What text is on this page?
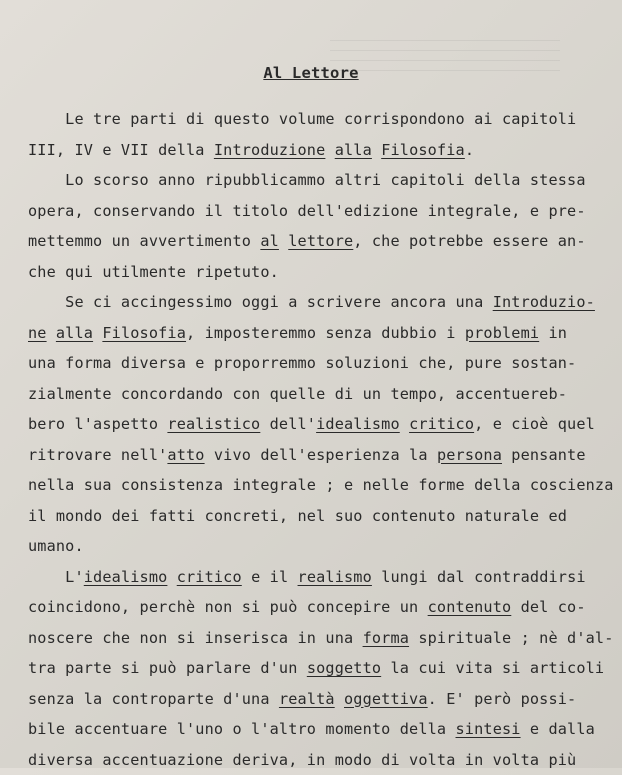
Al Lettore
Le tre parti di questo volume corrispondono ai capitoli
III, IV e VII della Introduzione alla Filosofia.
Lo scorso anno ripubblicammo altri capitoli della stessa
opera, conservando il titolo dell'edizione integrale, e pre-
mettemmo un avvertimento al lettore, che potrebbe essere an-
che qui utilmente ripetuto.
Se ci accingessimo oggi a scrivere ancora una Introduzio-
ne alla Filosofia, imposteremmo senza dubbio i problemi in
una forma diversa e proporremmo soluzioni che, pure sostan-
zialmente concordando con quelle di un tempo, accentuereb-
bero l'aspetto realistico dell'idealismo critico, e cioè quel
ritrovare nell'atto vivo dell'esperienza la persona pensante
nella sua consistenza integrale ; e nelle forme della coscienza
il mondo dei fatti concreti, nel suo contenuto naturale ed
umano.
L'idealismo critico e il realismo lungi dal contraddirsi
coincidono, perchè non si può concepire un contenuto del co-
noscere che non si inserisca in una forma spirituale ; nè d'al-
tra parte si può parlare d'un soggetto la cui vita si articoli
senza la controparte d'una realtà oggettiva. E' però possi-
bile accentuare l'uno o l'altro momento della sintesi e dalla
diversa accentuazione deriva, in modo di volta in volta più
